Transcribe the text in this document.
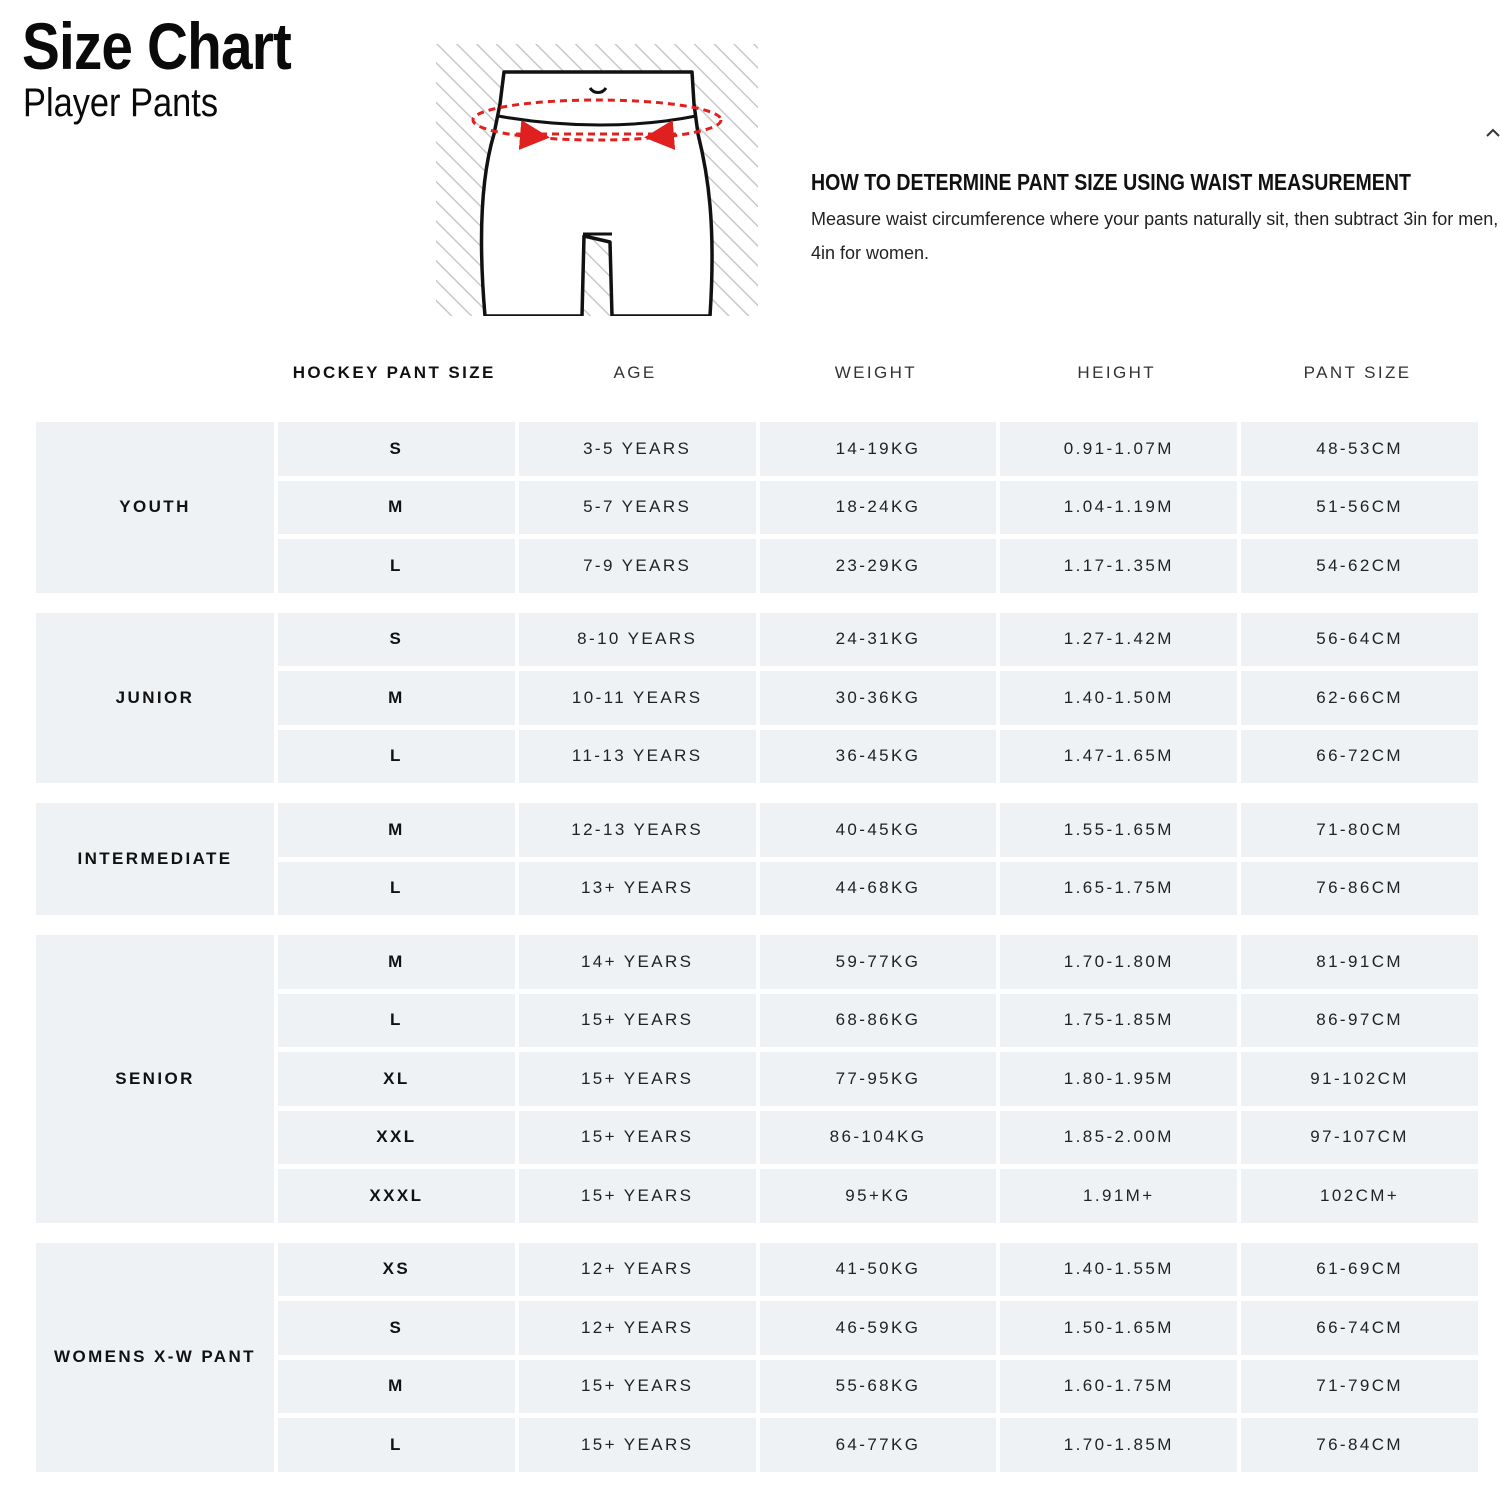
Size Chart
Player Pants
HOW TO DETERMINE PANT SIZE USING WAIST MEASUREMENT

Measure waist circumference where your pants naturally sit, then subtract 3in for men, 4in for women.

HOCKEY PANT SIZE	AGE	WEIGHT	HEIGHT	PANT SIZE
YOUTH
S	3-5 YEARS	14-19KG	0.91-1.07M	48-53CM
M	5-7 YEARS	18-24KG	1.04-1.19M	51-56CM
L	7-9 YEARS	23-29KG	1.17-1.35M	54-62CM
JUNIOR
S	8-10 YEARS	24-31KG	1.27-1.42M	56-64CM
M	10-11 YEARS	30-36KG	1.40-1.50M	62-66CM
L	11-13 YEARS	36-45KG	1.47-1.65M	66-72CM
INTERMEDIATE
M	12-13 YEARS	40-45KG	1.55-1.65M	71-80CM
L	13+ YEARS	44-68KG	1.65-1.75M	76-86CM
SENIOR
M	14+ YEARS	59-77KG	1.70-1.80M	81-91CM
L	15+ YEARS	68-86KG	1.75-1.85M	86-97CM
XL	15+ YEARS	77-95KG	1.80-1.95M	91-102CM
XXL	15+ YEARS	86-104KG	1.85-2.00M	97-107CM
XXXL	15+ YEARS	95+KG	1.91M+	102CM+
WOMENS X-W PANT
XS	12+ YEARS	41-50KG	1.40-1.55M	61-69CM
S	12+ YEARS	46-59KG	1.50-1.65M	66-74CM
M	15+ YEARS	55-68KG	1.60-1.75M	71-79CM
L	15+ YEARS	64-77KG	1.70-1.85M	76-84CM
